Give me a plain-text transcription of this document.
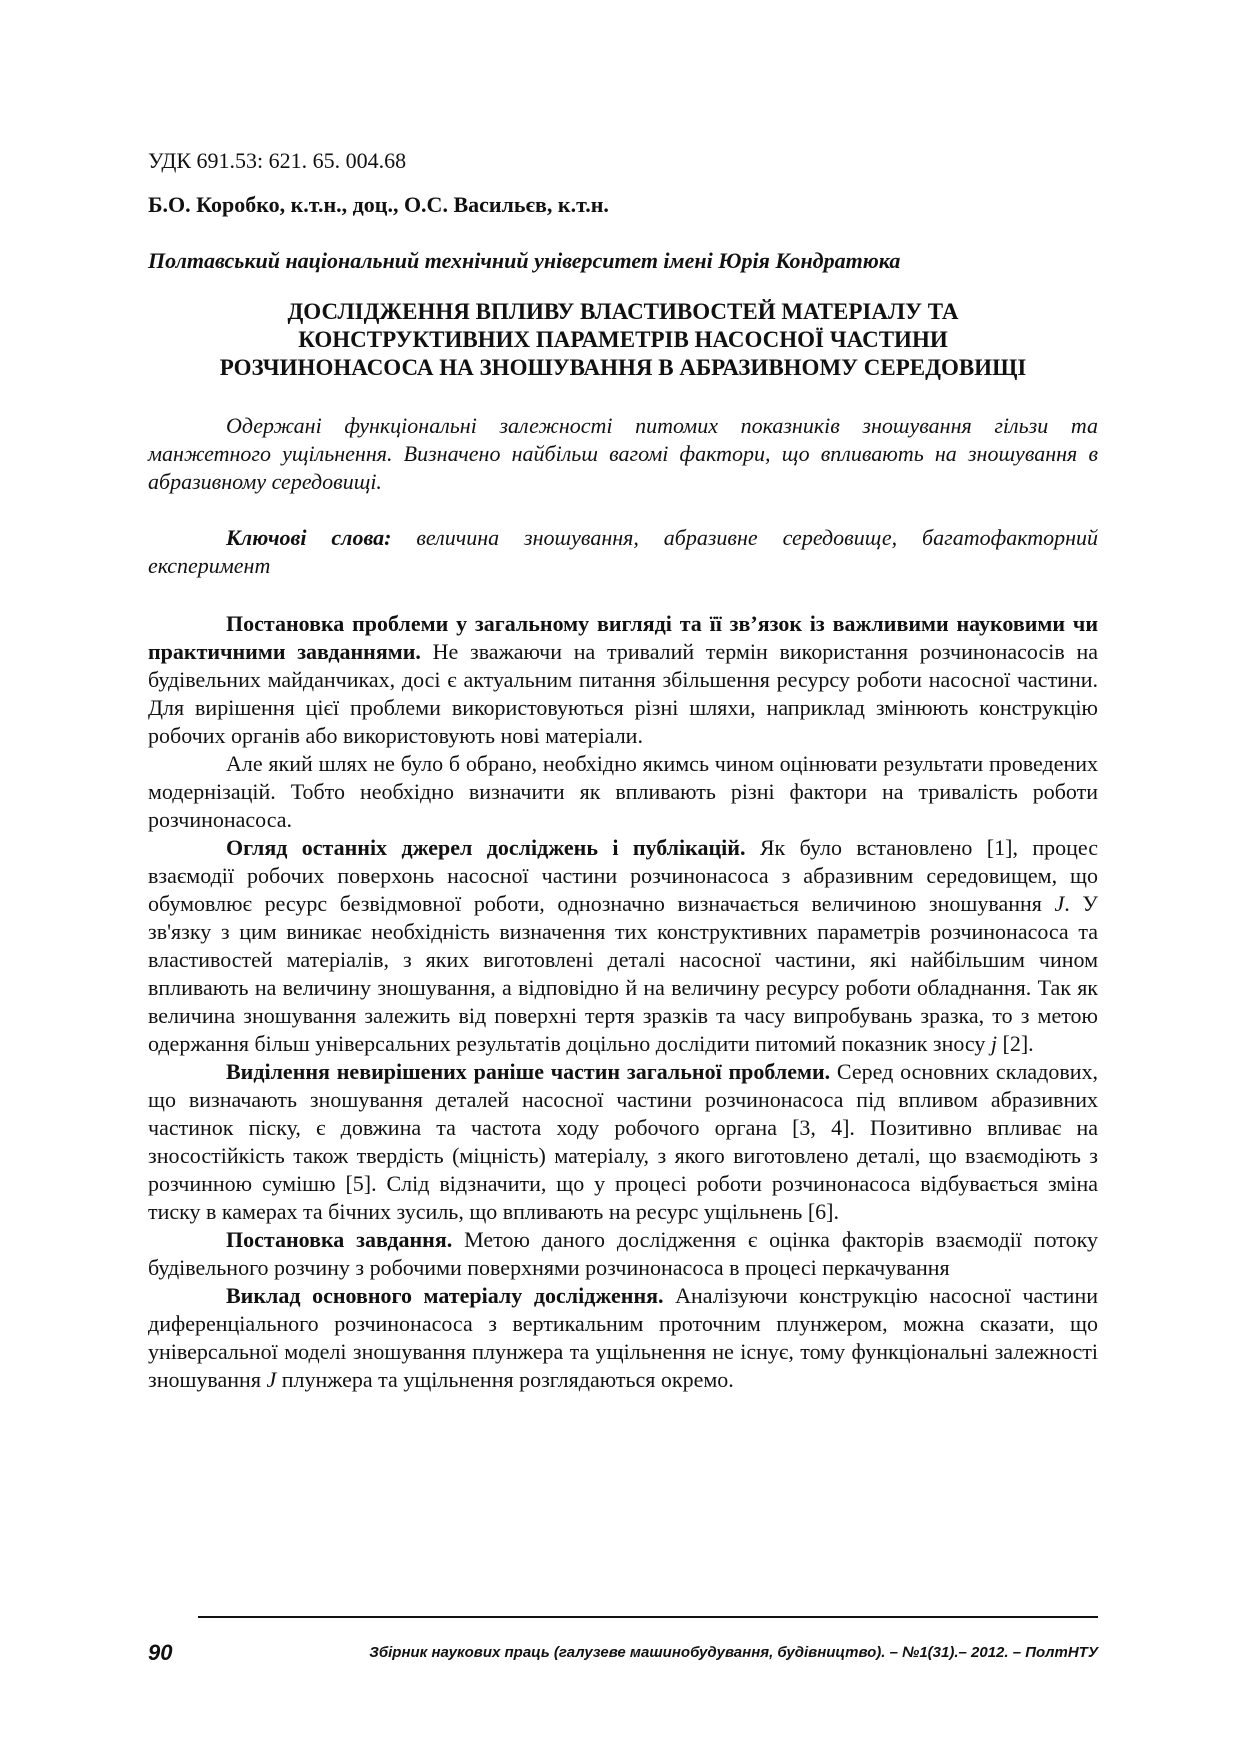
УДК 691.53: 621. 65. 004.68
Б.О. Коробко, к.т.н., доц., О.С. Васильєв, к.т.н.
Полтавський національний технічний університет імені Юрія Кондратюка
ДОСЛІДЖЕННЯ ВПЛИВУ ВЛАСТИВОСТЕЙ МАТЕРІАЛУ ТА
КОНСТРУКТИВНИХ ПАРАМЕТРІВ НАСОСНОЇ ЧАСТИНИ
РОЗЧИНОНАСОСА НА ЗНОШУВАННЯ В АБРАЗИВНОМУ СЕРЕДОВИЩІ
Одержані функціональні залежності питомих показників зношування гільзи та манжетного ущільнення. Визначено найбільш вагомі фактори, що впливають на зношування в абразивному середовищі.
Ключові слова: величина зношування, абразивне середовище, багатофакторний експеримент

Постановка проблеми у загальному вигляді та її зв’язок із важливими науковими чи практичними завданнями. Не зважаючи на тривалий термін використання розчинонасосів на будівельних майданчиках, досі є актуальним питання збільшення ресурсу роботи насосної частини. Для вирішення цієї проблеми використовуються різні шляхи, наприклад змінюють конструкцію робочих органів або використовують нові матеріали.

Але який шлях не було б обрано, необхідно якимсь чином оцінювати результати проведених модернізацій. Тобто необхідно визначити як впливають різні фактори на тривалість роботи розчинонасоса.

Огляд останніх джерел досліджень і публікацій. Як було встановлено [1], процес взаємодії робочих поверхонь насосної частини розчинонасоса з абразивним середовищем, що обумовлює ресурс безвідмовної роботи, однозначно визначається величиною зношування J. У зв'язку з цим виникає необхідність визначення тих конструктивних параметрів розчинонасоса та властивостей матеріалів, з яких виготовлені деталі насосної частини, які найбільшим чином впливають на величину зношування, а відповідно й на величину ресурсу роботи обладнання. Так як величина зношування залежить від поверхні тертя зразків та часу випробувань зразка, то з метою одержання більш універсальних результатів доцільно дослідити питомий показник зносу j [2].

Виділення невирішених раніше частин загальної проблеми. Серед основних складових, що визначають зношування деталей насосної частини розчинонасоса під впливом абразивних частинок піску, є довжина та частота ходу робочого органа [3, 4]. Позитивно впливає на зносостійкість також твердість (міцність) матеріалу, з якого виготовлено деталі, що взаємодіють з розчинною сумішю [5]. Слід відзначити, що у процесі роботи розчинонасоса відбувається зміна тиску в камерах та бічних зусиль, що впливають на ресурс ущільнень [6].

Постановка завдання. Метою даного дослідження є оцінка факторів взаємодії потоку будівельного розчину з робочими поверхнями розчинонасоса в процесі перкачування

Виклад основного матеріалу дослідження. Аналізуючи конструкцію насосної частини диференціального розчинонасоса з вертикальним проточним плунжером, можна сказати, що універсальної моделі зношування плунжера та ущільнення не існує, тому функціональні залежності зношування J плунжера та ущільнення розглядаються окремо.

90	Збірник наукових праць (галузеве машинобудування, будівництво). – №1(31).– 2012. – ПолтНТУ
